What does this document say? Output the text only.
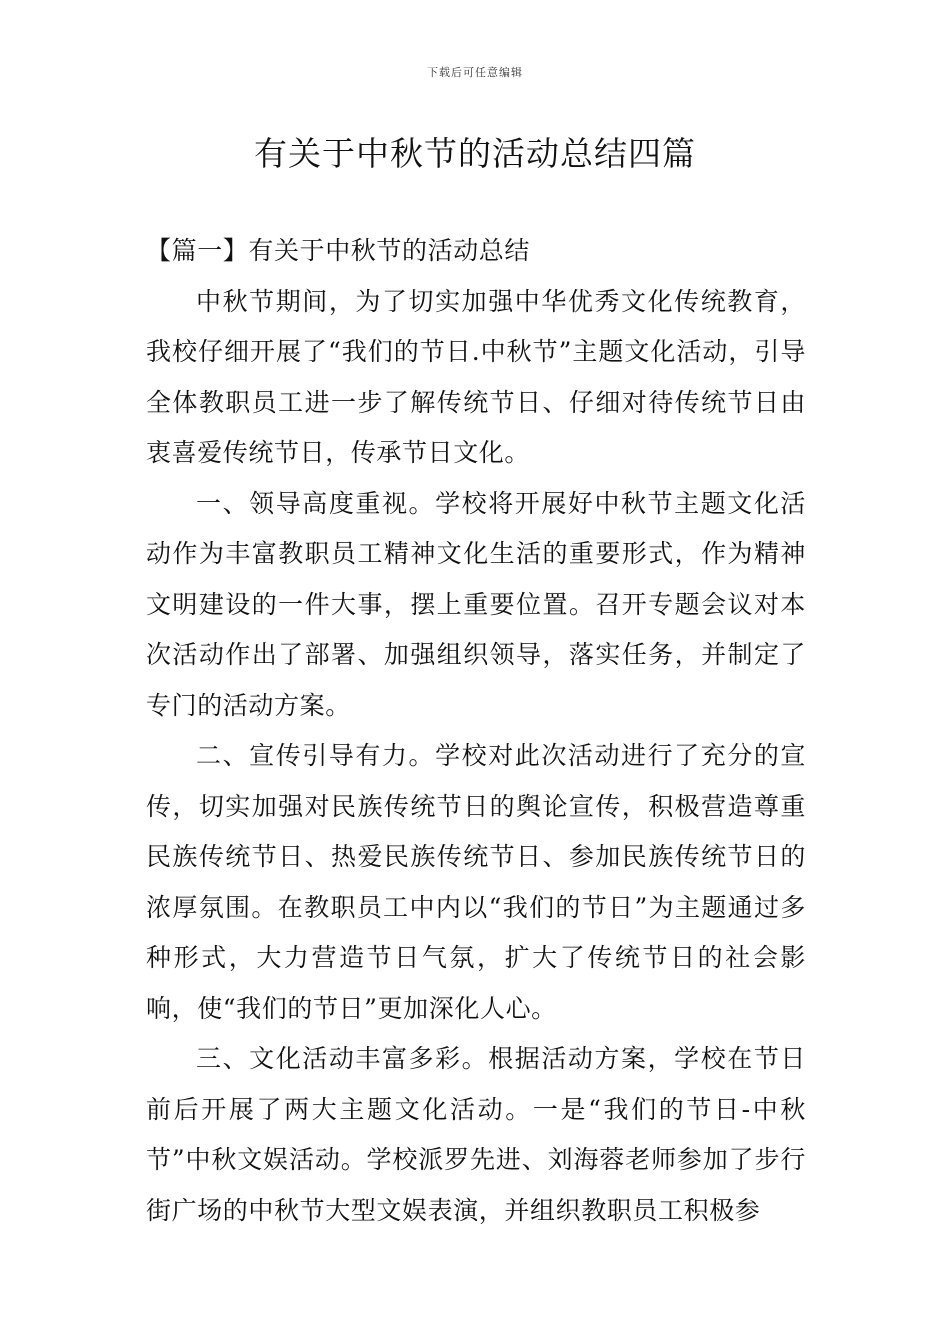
下载后可任意编辑
有关于中秋节的活动总结四篇
【篇一】有关于中秋节的活动总结

中秋节期间，为了切实加强中华优秀文化传统教育，我校仔细开展了“我们的节日.中秋节”主题文化活动，引导全体教职员工进一步了解传统节日、仔细对待传统节日由衷喜爱传统节日，传承节日文化。

一、领导高度重视。学校将开展好中秋节主题文化活动作为丰富教职员工精神文化生活的重要形式，作为精神文明建设的一件大事，摆上重要位置。召开专题会议对本次活动作出了部署、加强组织领导，落实任务，并制定了专门的活动方案。

二、宣传引导有力。学校对此次活动进行了充分的宣传，切实加强对民族传统节日的舆论宣传，积极营造尊重民族传统节日、热爱民族传统节日、参加民族传统节日的浓厚氛围。在教职员工中内以“我们的节日”为主题通过多种形式，大力营造节日气氛，扩大了传统节日的社会影响，使“我们的节日”更加深化人心。

三、文化活动丰富多彩。根据活动方案，学校在节日前后开展了两大主题文化活动。一是“我们的节日-中秋节”中秋文娱活动。学校派罗先进、刘海蓉老师参加了步行街广场的中秋节大型文娱表演，并组织教职员工积极参
